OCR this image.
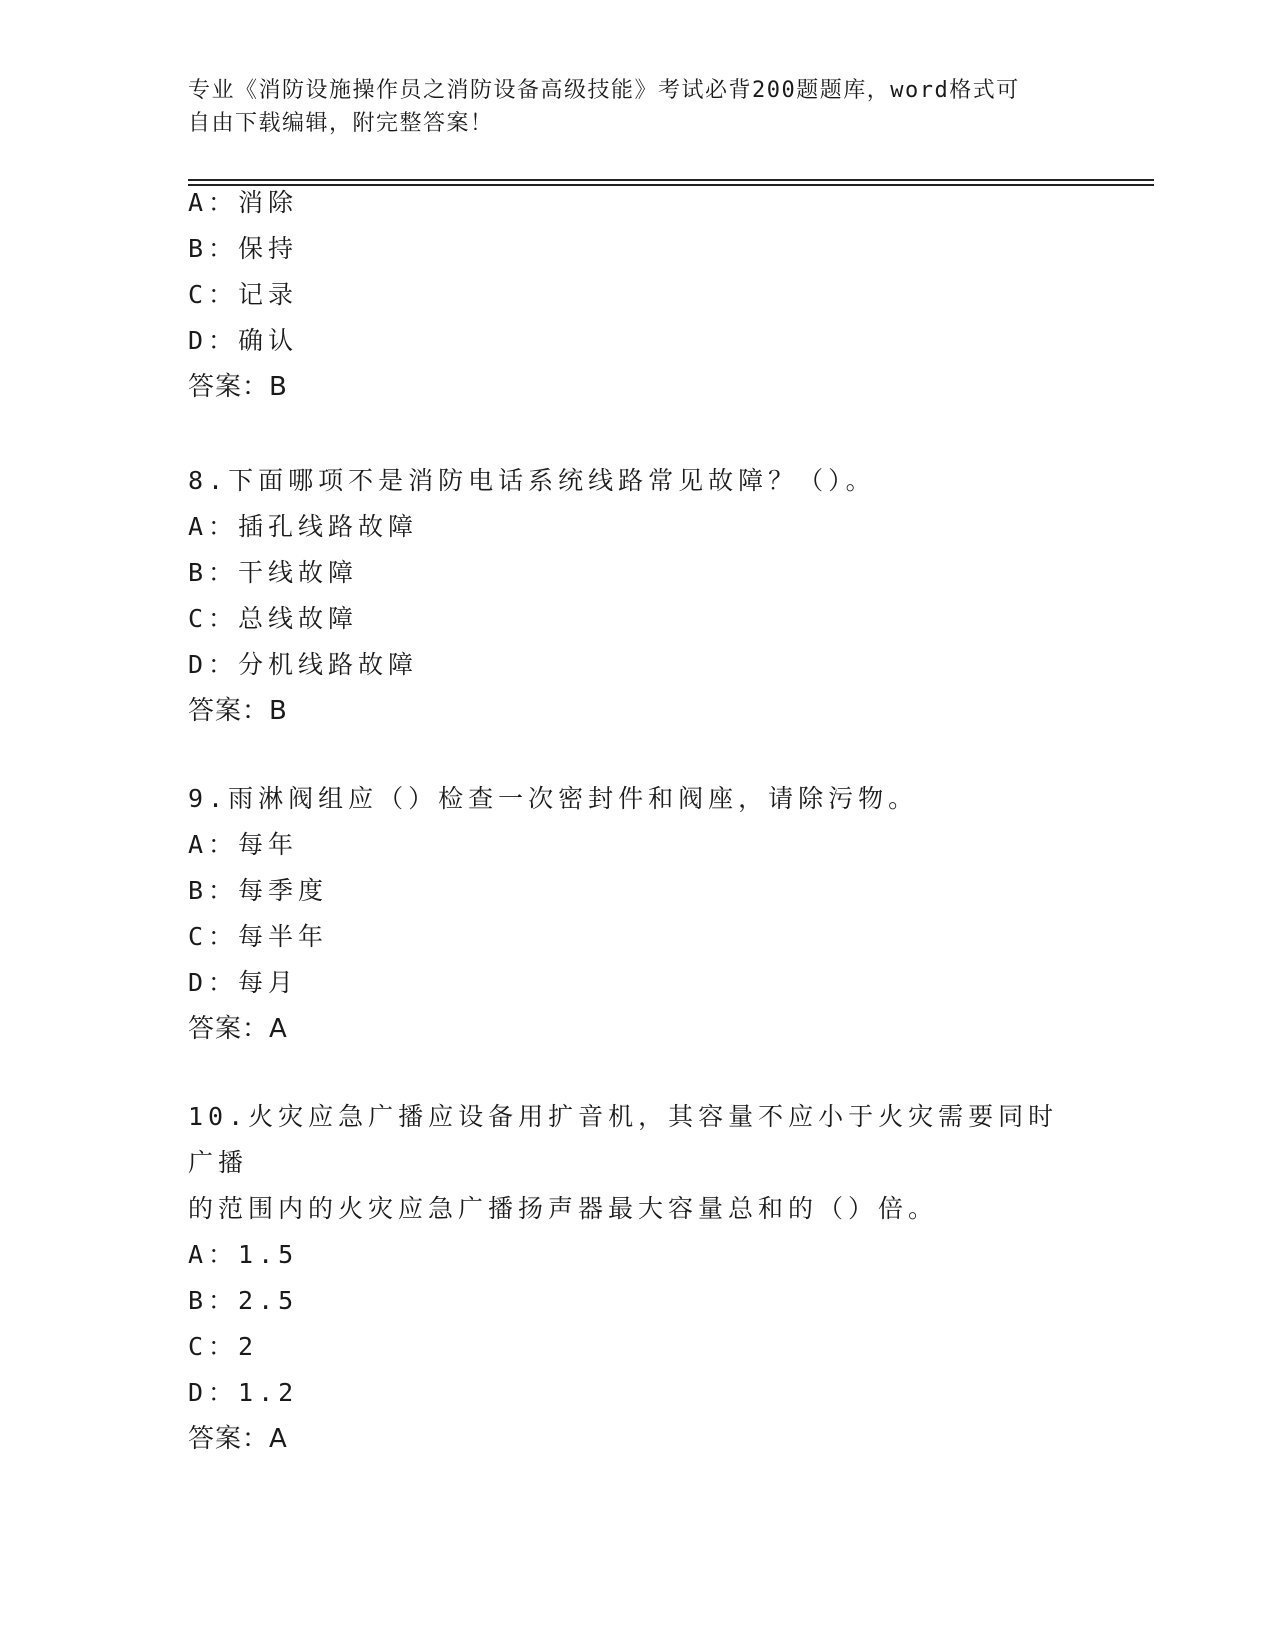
专业《消防设施操作员之消防设备高级技能》考试必背200题题库，word格式可
自由下载编辑，附完整答案！
A：消除
B：保持
C：记录
D：确认
答案：B
8.下面哪项不是消防电话系统线路常见故障？（）。
A：插孔线路故障
B：干线故障
C：总线故障
D：分机线路故障
答案：B
9.雨淋阀组应（）检查一次密封件和阀座，请除污物。
A：每年
B：每季度
C：每半年
D：每月
答案：A
10.火灾应急广播应设备用扩音机，其容量不应小于火灾需要同时广播
的范围内的火灾应急广播扬声器最大容量总和的（）倍。
A：1.5
B：2.5
C：2
D：1.2
答案：A
